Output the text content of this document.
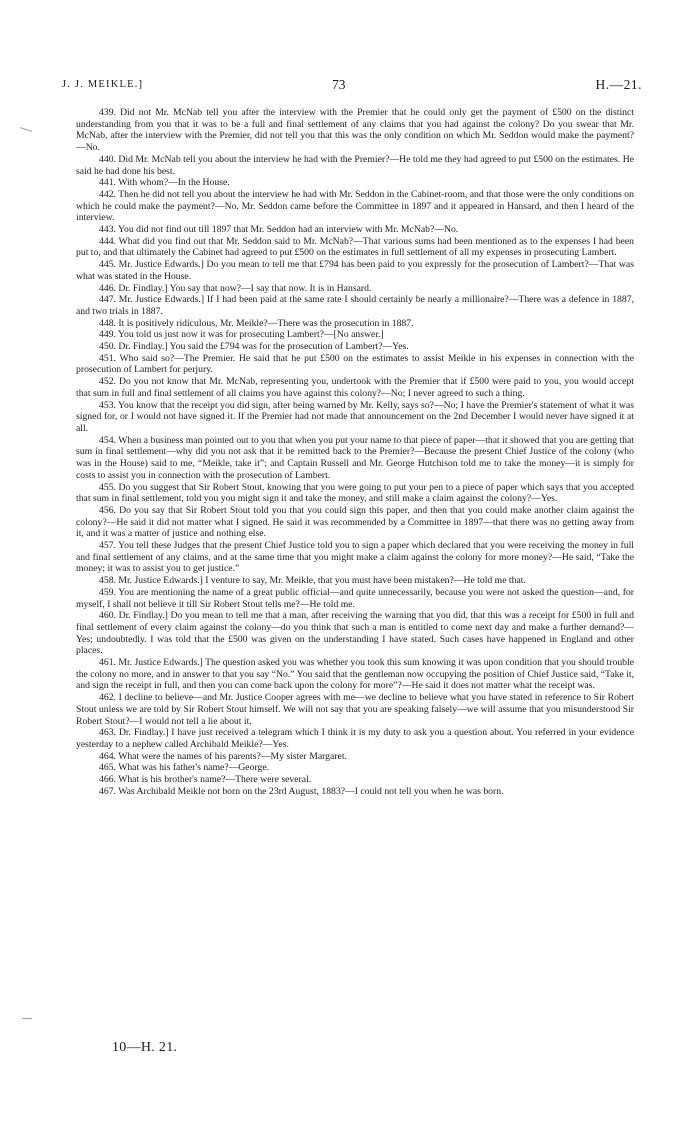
J. J. MEIKLE.]	73	H.—21.

439. Did not Mr. McNab tell you after the interview with the Premier that he could only get the payment of £500 on the distinct understanding from you that it was to be a full and final settlement of any claims that you had against the colony? Do you swear that Mr. McNab, after the interview with the Premier, did not tell you that this was the only condition on which Mr. Seddon would make the payment?—No.

440. Did Mr. McNab tell you about the interview he had with the Premier?—He told me they had agreed to put £500 on the estimates. He said he had done his best.

441. With whom?—In the House.

442. Then he did not tell you about the interview he had with Mr. Seddon in the Cabinet-room, and that those were the only conditions on which he could make the payment?—No. Mr. Seddon came before the Committee in 1897 and it appeared in Hansard, and then I heard of the interview.

443. You did not find out till 1897 that Mr. Seddon had an interview with Mr. McNab?—No.

444. What did you find out that Mr. Seddon said to Mr. McNab?—That various sums had been mentioned as to the expenses I had been put to, and that ultimately the Cabinet had agreed to put £500 on the estimates in full settlement of all my expenses in prosecuting Lambert.

445. Mr. Justice Edwards.] Do you mean to tell me that £794 has been paid to you expressly for the prosecution of Lambert?—That was what was stated in the House.

446. Dr. Findlay.] You say that now?—I say that now. It is in Hansard.

447. Mr. Justice Edwards.] If I had been paid at the same rate I should certainly be nearly a millionaire?—There was a defence in 1887, and two trials in 1887.

448. It is positively ridiculous, Mr. Meikle?—There was the prosecution in 1887.

449. You told us just now it was for prosecuting Lambert?—[No answer.]

450. Dr. Findlay.] You said the £794 was for the prosecution of Lambert?—Yes.

451. Who said so?—The Premier. He said that he put £500 on the estimates to assist Meikle in his expenses in connection with the prosecution of Lambert for perjury.

452. Do you not know that Mr. McNab, representing you, undertook with the Premier that if £500 were paid to you, you would accept that sum in full and final settlement of all claims you have against this colony?—No; I never agreed to such a thing.

453. You know that the receipt you did sign, after being warned by Mr. Kelly, says so?—No; I have the Premier's statement of what it was signed for, or I would not have signed it. If the Premier had not made that announcement on the 2nd December I would never have signed it at all.

454. When a business man pointed out to you that when you put your name to that piece of paper—that it showed that you are getting that sum in final settlement—why did you not ask that it be remitted back to the Premier?—Because the present Chief Justice of the colony (who was in the House) said to me, “Meikle, take it”; and Captain Russell and Mr. George Hutchison told me to take the money—it is simply for costs to assist you in connection with the prosecution of Lambert.

455. Do you suggest that Sir Robert Stout, knowing that you were going to put your pen to a piece of paper which says that you accepted that sum in final settlement, told you you might sign it and take the money, and still make a claim against the colony?—Yes.

456. Do you say that Sir Robert Stout told you that you could sign this paper, and then that you could make another claim against the colony?—He said it did not matter what I signed. He said it was recommended by a Committee in 1897—that there was no getting away from it, and it was a matter of justice and nothing else.

457. You tell these Judges that the present Chief Justice told you to sign a paper which declared that you were receiving the money in full and final settlement of any claims, and at the same time that you might make a claim against the colony for more money?—He said, “Take the money; it was to assist you to get justice.”

458. Mr. Justice Edwards.] I venture to say, Mr. Meikle, that you must have been mistaken?—He told me that.

459. You are mentioning the name of a great public official—and quite unnecessarily, because you were not asked the question—and, for myself, I shall not believe it till Sir Robert Stout tells me?—He told me.

460. Dr. Findlay.] Do you mean to tell me that a man, after receiving the warning that you did, that this was a receipt for £500 in full and final settlement of every claim against the colony—do you think that such a man is entitled to come next day and make a further demand?—Yes; undoubtedly. I was told that the £500 was given on the understanding I have stated. Such cases have happened in England and other places.

461. Mr. Justice Edwards.] The question asked you was whether you took this sum knowing it was upon condition that you should trouble the colony no more, and in answer to that you say “No.” You said that the gentleman now occupying the position of Chief Justice said, “Take it, and sign the receipt in full, and then you can come back upon the colony for more”?—He said it does not matter what the receipt was.

462. I decline to believe—and Mr. Justice Cooper agrees with me—we decline to believe what you have stated in reference to Sir Robert Stout unless we are told by Sir Robert Stout himself. We will not say that you are speaking falsely—we will assume that you misunderstood Sir Robert Stout?—I would not tell a lie about it.

463. Dr. Findlay.] I have just received a telegram which I think it is my duty to ask you a question about. You referred in your evidence yesterday to a nephew called Archibald Meikle?—Yes.

464. What were the names of his parents?—My sister Margaret.

465. What was his father's name?—George.

466. What is his brother's name?—There were several.

467. Was Archibald Meikle not born on the 23rd August, 1883?—I could not tell you when he was born.

10—H. 21.
